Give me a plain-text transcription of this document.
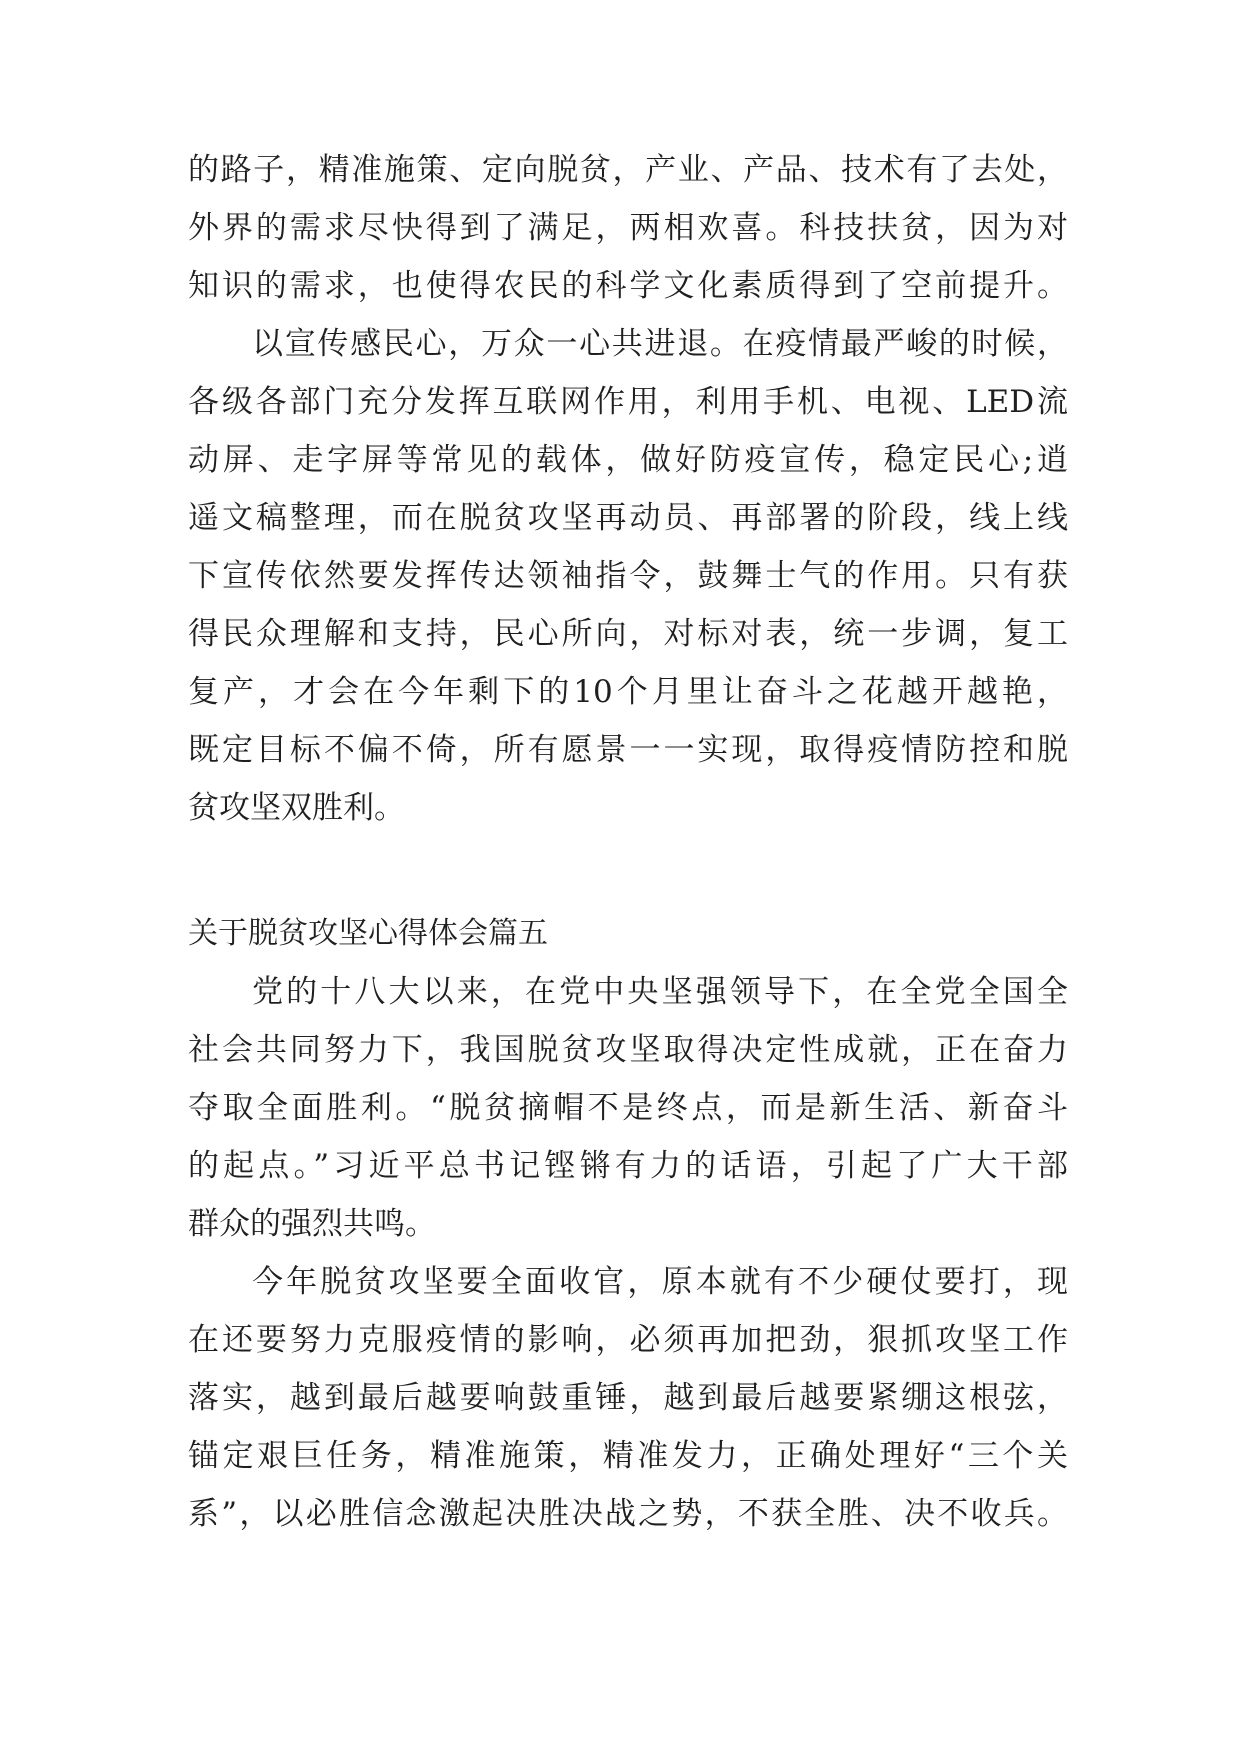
的路子，精准施策、定向脱贫，产业、产品、技术有了去处，

外界的需求尽快得到了满足，两相欢喜。科技扶贫，因为对

知识的需求，也使得农民的科学文化素质得到了空前提升。

以宣传感民心，万众一心共进退。在疫情最严峻的时候，

各级各部门充分发挥互联网作用，利用手机、电视、LED流

动屏、走字屏等常见的载体，做好防疫宣传，稳定民心;逍

遥文稿整理，而在脱贫攻坚再动员、再部署的阶段，线上线

下宣传依然要发挥传达领袖指令，鼓舞士气的作用。只有获

得民众理解和支持，民心所向，对标对表，统一步调，复工

复产，才会在今年剩下的10个月里让奋斗之花越开越艳，

既定目标不偏不倚，所有愿景一一实现，取得疫情防控和脱

贫攻坚双胜利。

关于脱贫攻坚心得体会篇五

党的十八大以来，在党中央坚强领导下，在全党全国全

社会共同努力下，我国脱贫攻坚取得决定性成就，正在奋力

夺取全面胜利。“脱贫摘帽不是终点，而是新生活、新奋斗

的起点。”习近平总书记铿锵有力的话语，引起了广大干部

群众的强烈共鸣。

今年脱贫攻坚要全面收官，原本就有不少硬仗要打，现

在还要努力克服疫情的影响，必须再加把劲，狠抓攻坚工作

落实，越到最后越要响鼓重锤，越到最后越要紧绷这根弦，

锚定艰巨任务，精准施策，精准发力，正确处理好“三个关

系”，以必胜信念激起决胜决战之势，不获全胜、决不收兵。
